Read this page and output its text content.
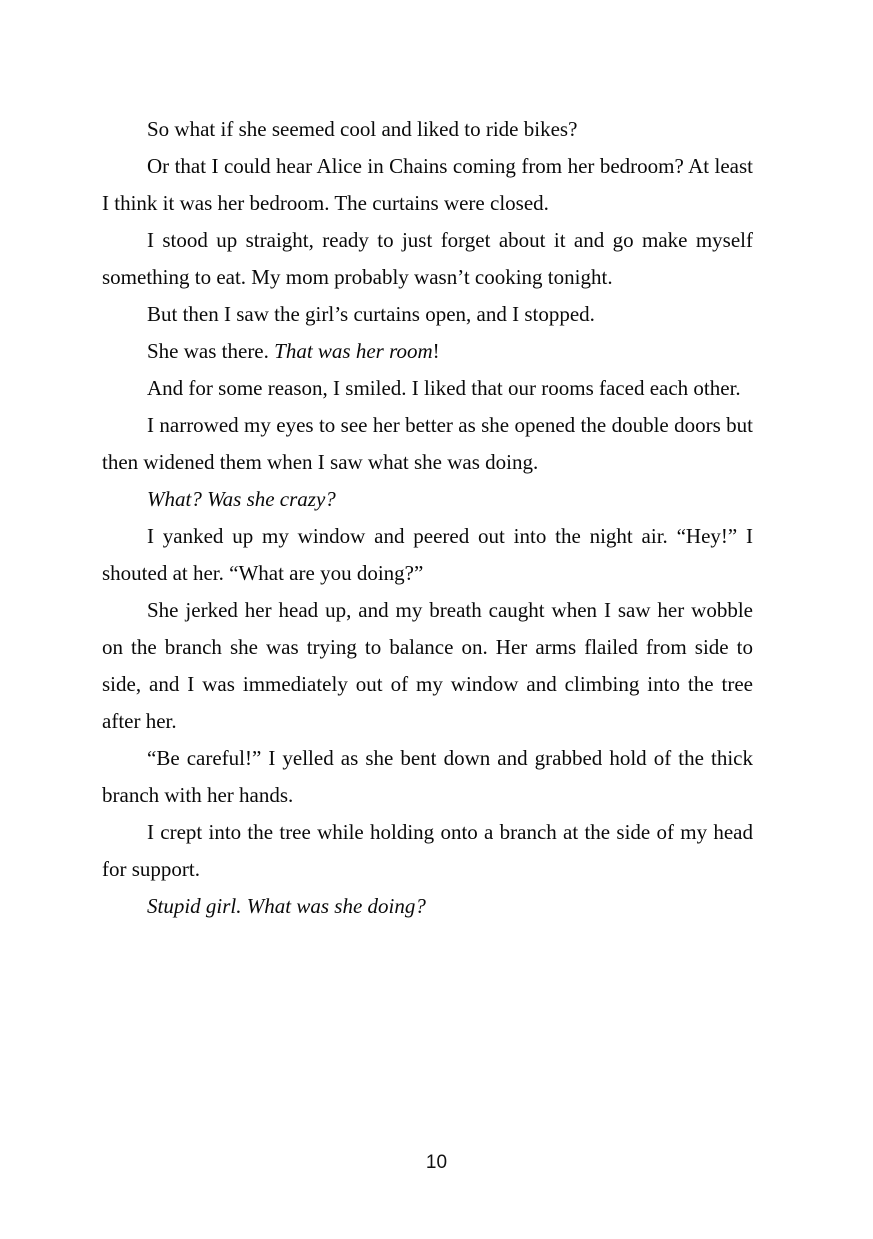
So what if she seemed cool and liked to ride bikes?

Or that I could hear Alice in Chains coming from her bedroom? At least I think it was her bedroom. The curtains were closed.

I stood up straight, ready to just forget about it and go make myself something to eat. My mom probably wasn’t cooking tonight.

But then I saw the girl’s curtains open, and I stopped.

She was there. That was her room!

And for some reason, I smiled. I liked that our rooms faced each other.

I narrowed my eyes to see her better as she opened the double doors but then widened them when I saw what she was doing.

What? Was she crazy?

I yanked up my window and peered out into the night air. “Hey!” I shouted at her. “What are you doing?”

She jerked her head up, and my breath caught when I saw her wobble on the branch she was trying to balance on. Her arms flailed from side to side, and I was immediately out of my window and climbing into the tree after her.

“Be careful!” I yelled as she bent down and grabbed hold of the thick branch with her hands.

I crept into the tree while holding onto a branch at the side of my head for support.

Stupid girl. What was she doing?

10
